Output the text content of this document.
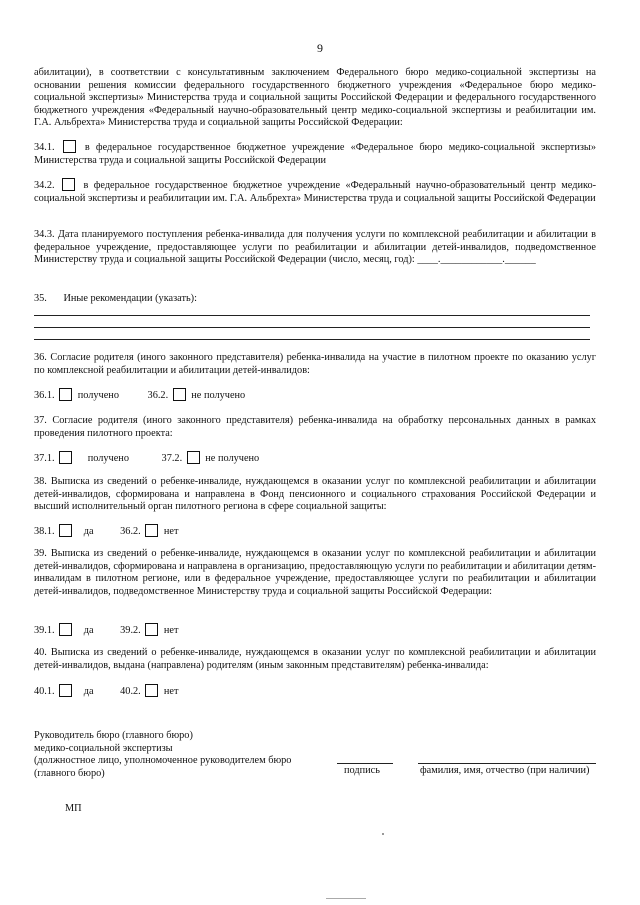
9
абилитации), в соответствии с консультативным заключением Федерального бюро медико-социальной экспертизы на основании решения комиссии федерального государственного бюджетного учреждения «Федеральное бюро медико-социальной экспертизы» Министерства труда и социальной защиты Российской Федерации и федерального государственного бюджетного учреждения «Федеральный научно-образовательный центр медико-социальной экспертизы и реабилитации им. Г.А. Альбрехта» Министерства труда и социальной защиты Российской Федерации:
34.1.	в федеральное государственное бюджетное учреждение «Федеральное бюро медико-социальной экспертизы» Министерства труда и социальной защиты Российской Федерации
34.2.	в федеральное государственное бюджетное учреждение «Федеральный научно-образовательный центр медико-социальной экспертизы и реабилитации им. Г.А. Альбрехта» Министерства труда и социальной защиты Российской Федерации
34.3. Дата планируемого поступления ребенка-инвалида для получения услуги по комплексной реабилитации и абилитации в федеральное учреждение, предоставляющее услуги по реабилитации и абилитации детей-инвалидов, подведомственное Министерству труда и социальной защиты Российской Федерации (число, месяц, год): ____.____________.______
35. Иные рекомендации (указать):
36. Согласие родителя (иного законного представителя) ребенка-инвалида на участие в пилотном проекте по оказанию услуг по комплексной реабилитации и абилитации детей-инвалидов:
36.1. получено	36.2. не получено
37. Согласие родителя (иного законного представителя) ребенка-инвалида на обработку персональных данных в рамках проведения пилотного проекта:
37.1.	получено	37.2. не получено
38. Выписка из сведений о ребенке-инвалиде, нуждающемся в оказании услуг по комплексной реабилитации и абилитации детей-инвалидов, сформирована и направлена в Фонд пенсионного и социального страхования Российской Федерации и высший исполнительный орган пилотного региона в сфере социальной защиты:
38.1.	да	36.2. нет
39. Выписка из сведений о ребенке-инвалиде, нуждающемся в оказании услуг по комплексной реабилитации и абилитации детей-инвалидов, сформирована и направлена в организацию, предоставляющую услуги по реабилитации и абилитации детям-инвалидам в пилотном регионе, или в федеральное учреждение, предоставляющее услуги по реабилитации и абилитации детей-инвалидов, подведомственное Министерству труда и социальной защиты Российской Федерации:
39.1.	да	39.2. нет
40. Выписка из сведений о ребенке-инвалиде, нуждающемся в оказании услуг по комплексной реабилитации и абилитации детей-инвалидов, выдана (направлена) родителям (иным законным представителям) ребенка-инвалида:
40.1.	да	40.2. нет
Руководитель бюро (главного бюро)
медико-социальной экспертизы
(должностное лицо, уполномоченное руководителем бюро
(главного бюро)	подпись	фамилия, имя, отчество (при наличии)
МП
